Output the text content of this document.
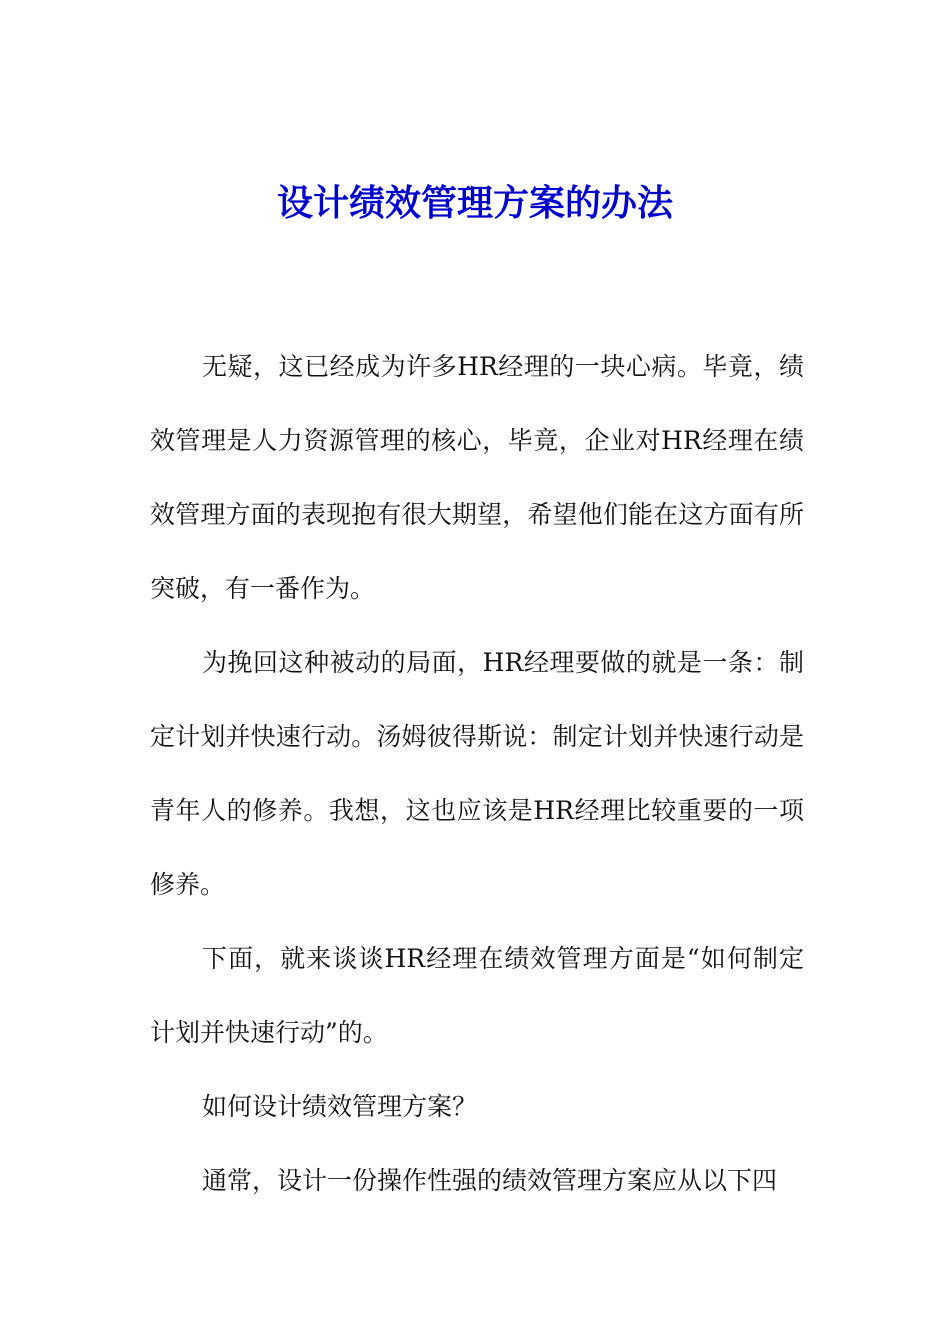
设计绩效管理方案的办法

无疑，这已经成为许多HR经理的一块心病。毕竟，绩效管理是人力资源管理的核心，毕竟，企业对HR经理在绩效管理方面的表现抱有很大期望，希望他们能在这方面有所突破，有一番作为。

为挽回这种被动的局面，HR经理要做的就是一条：制定计划并快速行动。汤姆彼得斯说：制定计划并快速行动是青年人的修养。我想，这也应该是HR经理比较重要的一项修养。

下面，就来谈谈HR经理在绩效管理方面是“如何制定计划并快速行动”的。

如何设计绩效管理方案？

通常，设计一份操作性强的绩效管理方案应从以下四
